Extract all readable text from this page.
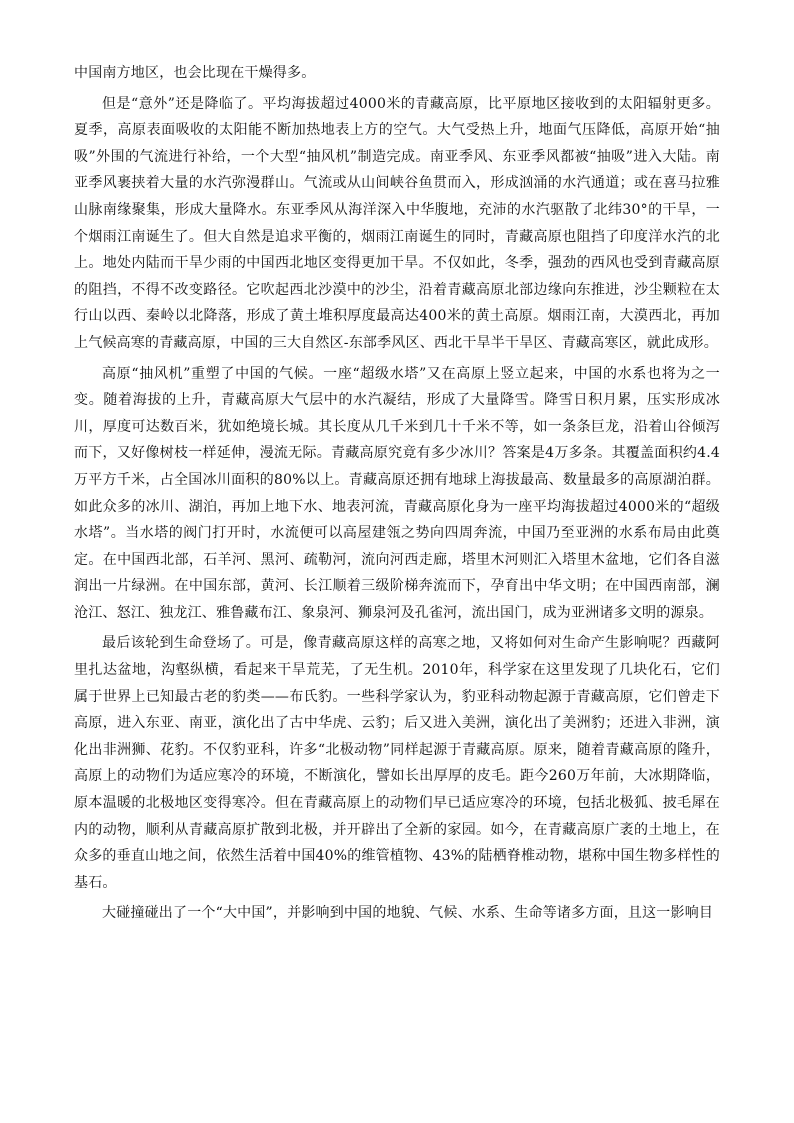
中国南方地区，也会比现在干燥得多。

但是“意外”还是降临了。平均海拔超过4000米的青藏高原，比平原地区接收到的太阳辐射更多。夏季，高原表面吸收的太阳能不断加热地表上方的空气。大气受热上升，地面气压降低，高原开始“抽吸”外围的气流进行补给，一个大型“抽风机”制造完成。南亚季风、东亚季风都被“抽吸”进入大陆。南亚季风裹挟着大量的水汽弥漫群山。气流或从山间峡谷鱼贯而入，形成汹涌的水汽通道；或在喜马拉雅山脉南缘聚集，形成大量降水。东亚季风从海洋深入中华腹地，充沛的水汽驱散了北纬30°的干旱，一个烟雨江南诞生了。但大自然是追求平衡的，烟雨江南诞生的同时，青藏高原也阻挡了印度洋水汽的北上。地处内陆而干旱少雨的中国西北地区变得更加干旱。不仅如此，冬季，强劲的西风也受到青藏高原的阻挡，不得不改变路径。它吹起西北沙漠中的沙尘，沿着青藏高原北部边缘向东推进，沙尘颗粒在太行山以西、秦岭以北降落，形成了黄土堆积厚度最高达400米的黄土高原。烟雨江南，大漠西北，再加上气候高寒的青藏高原，中国的三大自然区-东部季风区、西北干旱半干旱区、青藏高寒区，就此成形。

高原“抽风机”重塑了中国的气候。一座“超级水塔”又在高原上竖立起来，中国的水系也将为之一变。随着海拔的上升，青藏高原大气层中的水汽凝结，形成了大量降雪。降雪日积月累，压实形成冰川，厚度可达数百米，犹如绝境长城。其长度从几千米到几十千米不等，如一条条巨龙，沿着山谷倾泻而下，又好像树枝一样延伸，漫流无际。青藏高原究竟有多少冰川？答案是4万多条。其覆盖面积约4.4万平方千米，占全国冰川面积的80%以上。青藏高原还拥有地球上海拔最高、数量最多的高原湖泊群。如此众多的冰川、湖泊，再加上地下水、地表河流，青藏高原化身为一座平均海拔超过4000米的“超级水塔”。当水塔的阀门打开时，水流便可以高屋建瓴之势向四周奔流，中国乃至亚洲的水系布局由此奠定。在中国西北部，石羊河、黑河、疏勒河，流向河西走廊，塔里木河则汇入塔里木盆地，它们各自滋润出一片绿洲。在中国东部，黄河、长江顺着三级阶梯奔流而下，孕育出中华文明；在中国西南部，澜沧江、怒江、独龙江、雅鲁藏布江、象泉河、狮泉河及孔雀河，流出国门，成为亚洲诸多文明的源泉。

最后该轮到生命登场了。可是，像青藏高原这样的高寒之地，又将如何对生命产生影响呢？西藏阿里扎达盆地，沟壑纵横，看起来干旱荒芜，了无生机。2010年，科学家在这里发现了几块化石，它们属于世界上已知最古老的豹类——布氏豹。一些科学家认为，豹亚科动物起源于青藏高原，它们曾走下高原，进入东亚、南亚，演化出了古中华虎、云豹；后又进入美洲，演化出了美洲豹；还进入非洲，演化出非洲狮、花豹。不仅豹亚科，许多“北极动物”同样起源于青藏高原。原来，随着青藏高原的隆升，高原上的动物们为适应寒冷的环境，不断演化，譬如长出厚厚的皮毛。距今260万年前，大冰期降临，原本温暖的北极地区变得寒冷。但在青藏高原上的动物们早已适应寒冷的环境，包括北极狐、披毛犀在内的动物，顺利从青藏高原扩散到北极，并开辟出了全新的家园。如今，在青藏高原广袤的土地上，在众多的垂直山地之间，依然生活着中国40%的维管植物、43%的陆栖脊椎动物，堪称中国生物多样性的基石。

大碰撞碰出了一个“大中国”，并影响到中国的地貌、气候、水系、生命等诸多方面，且这一影响目
